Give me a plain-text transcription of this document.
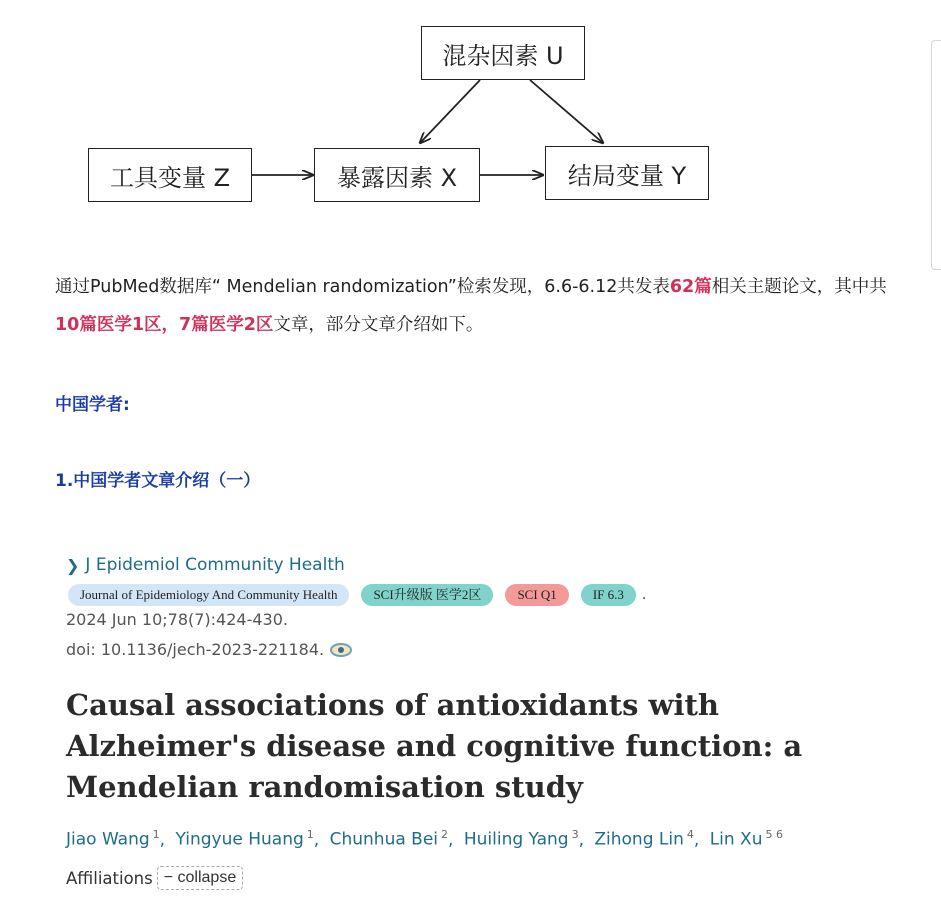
混杂因素 U
工具变量 Z	暴露因素 X	结局变量 Y

通过PubMed数据库“ Mendelian randomization”检索发现，6.6-6.12共发表62篇相关主题论文，其中共10篇医学1区，7篇医学2区文章，部分文章介绍如下。

中国学者:
1.中国学者文章介绍（一）
❯ J Epidemiol Community Health
Journal of Epidemiology And Community Health	SCI升级版 医学2区	SCI Q1	IF 6.3	.
2024 Jun 10;78(7):424-430.
doi: 10.1136/jech-2023-221184.
Causal associations of antioxidants with Alzheimer's disease and cognitive function: a Mendelian randomisation study
Jiao Wang $^1$, Yingyue Huang $^1$, Chunhua Bei $^2$, Huiling Yang $^3$, Zihong Lin $^4$, Lin Xu $^{5 6}$
Affiliations − collapse
